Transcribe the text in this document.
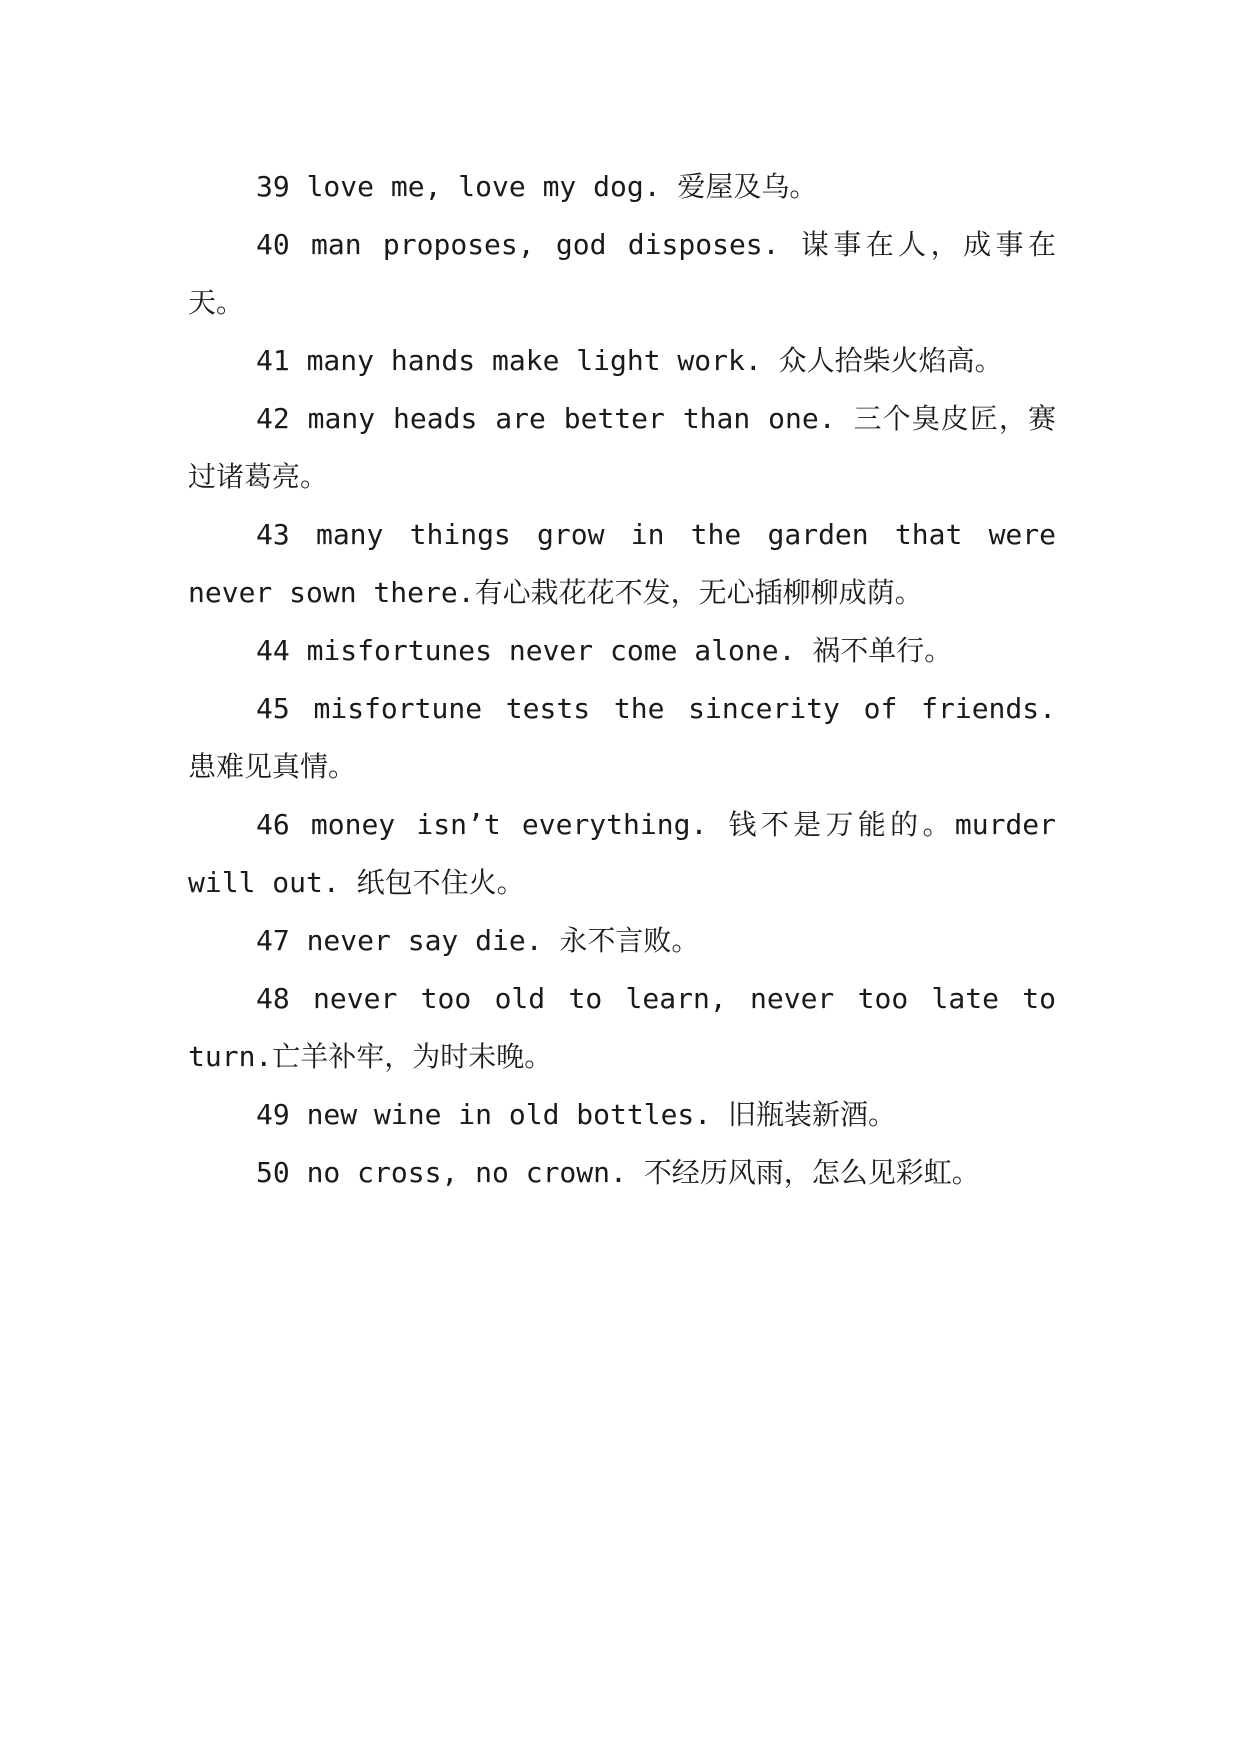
39 love me, love my dog. 爱屋及乌。

40 man proposes, god disposes. 谋事在人，成事在天。

41 many hands make light work. 众人拾柴火焰高。

42 many heads are better than one. 三个臭皮匠，赛过诸葛亮。

43 many things grow in the garden that were never sown there.有心栽花花不发，无心插柳柳成荫。

44 misfortunes never come alone. 祸不单行。

45 misfortune tests the sincerity of friends. 患难见真情。

46 money isn’t everything. 钱不是万能的。murder will out. 纸包不住火。

47 never say die. 永不言败。

48 never too old to learn, never too late to turn.亡羊补牢，为时未晚。

49 new wine in old bottles. 旧瓶装新酒。

50 no cross, no crown. 不经历风雨，怎么见彩虹。
